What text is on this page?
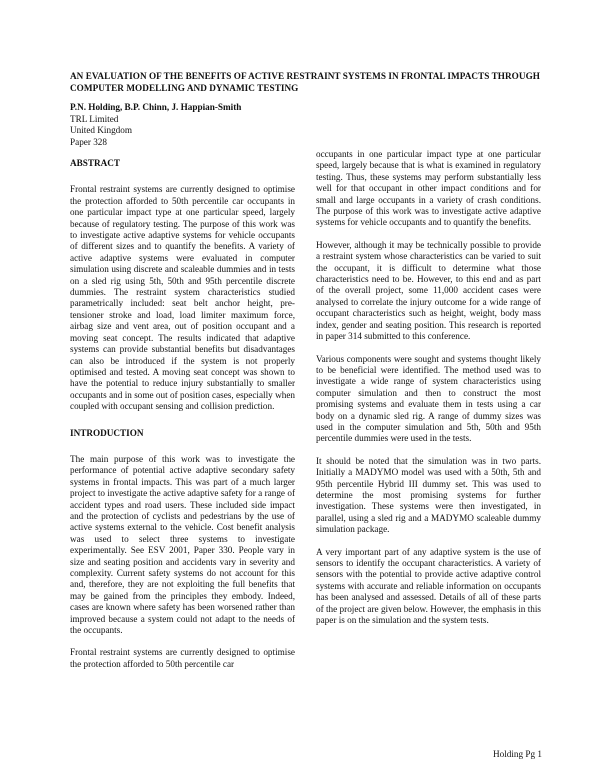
AN EVALUATION OF THE BENEFITS OF ACTIVE RESTRAINT SYSTEMS IN FRONTAL IMPACTS THROUGH COMPUTER MODELLING AND DYNAMIC TESTING
P.N. Holding, B.P. Chinn, J. Happian-Smith
TRL Limited
United Kingdom
Paper 328
ABSTRACT

Frontal restraint systems are currently designed to optimise the protection afforded to 50th percentile car occupants in one particular impact type at one particular speed, largely because of regulatory testing. The purpose of this work was to investigate active adaptive systems for vehicle occupants of different sizes and to quantify the benefits. A variety of active adaptive systems were evaluated in computer simulation using discrete and scaleable dummies and in tests on a sled rig using 5th, 50th and 95th percentile discrete dummies. The restraint system characteristics studied parametrically included: seat belt anchor height, pre-tensioner stroke and load, load limiter maximum force, airbag size and vent area, out of position occupant and a moving seat concept. The results indicated that adaptive systems can provide substantial benefits but disadvantages can also be introduced if the system is not properly optimised and tested. A moving seat concept was shown to have the potential to reduce injury substantially to smaller occupants and in some out of position cases, especially when coupled with occupant sensing and collision prediction.

INTRODUCTION

The main purpose of this work was to investigate the performance of potential active adaptive secondary safety systems in frontal impacts. This was part of a much larger project to investigate the active adaptive safety for a range of accident types and road users. These included side impact and the protection of cyclists and pedestrians by the use of active systems external to the vehicle. Cost benefit analysis was used to select three systems to investigate experimentally. See ESV 2001, Paper 330. People vary in size and seating position and accidents vary in severity and complexity. Current safety systems do not account for this and, therefore, they are not exploiting the full benefits that may be gained from the principles they embody. Indeed, cases are known where safety has been worsened rather than improved because a system could not adapt to the needs of the occupants.

Frontal restraint systems are currently designed to optimise the protection afforded to 50th percentile car

occupants in one particular impact type at one particular speed, largely because that is what is examined in regulatory testing. Thus, these systems may perform substantially less well for that occupant in other impact conditions and for small and large occupants in a variety of crash conditions. The purpose of this work was to investigate active adaptive systems for vehicle occupants and to quantify the benefits.

However, although it may be technically possible to provide a restraint system whose characteristics can be varied to suit the occupant, it is difficult to determine what those characteristics need to be. However, to this end and as part of the overall project, some 11,000 accident cases were analysed to correlate the injury outcome for a wide range of occupant characteristics such as height, weight, body mass index, gender and seating position. This research is reported in paper 314 submitted to this conference.

Various components were sought and systems thought likely to be beneficial were identified. The method used was to investigate a wide range of system characteristics using computer simulation and then to construct the most promising systems and evaluate them in tests using a car body on a dynamic sled rig. A range of dummy sizes was used in the computer simulation and 5th, 50th and 95th percentile dummies were used in the tests.

It should be noted that the simulation was in two parts. Initially a MADYMO model was used with a 50th, 5th and 95th percentile Hybrid III dummy set. This was used to determine the most promising systems for further investigation. These systems were then investigated, in parallel, using a sled rig and a MADYMO scaleable dummy simulation package.

A very important part of any adaptive system is the use of sensors to identify the occupant characteristics. A variety of sensors with the potential to provide active adaptive control systems with accurate and reliable information on occupants has been analysed and assessed. Details of all of these parts of the project are given below. However, the emphasis in this paper is on the simulation and the system tests.

Holding Pg 1
